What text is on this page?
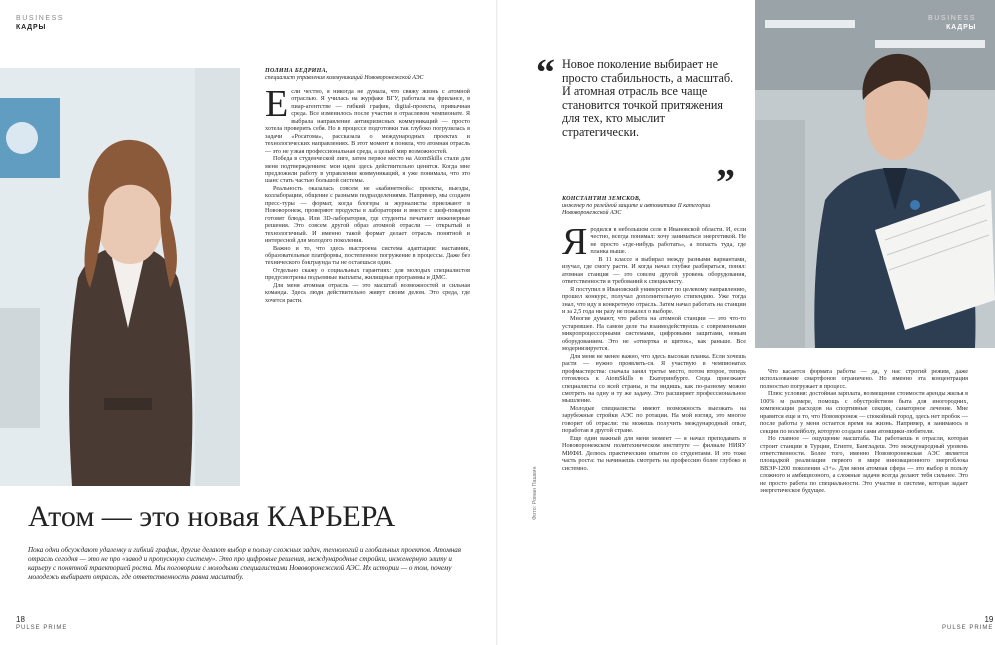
BUSINESS
КАДРЫ
ПОЛИНА БЕДРИНА,
специалист управления коммуникаций Нововоронежской АЭС

Если честно, я никогда не думала, что свяжу жизнь с атомной отраслью. Я училась на журфаке ВГУ, работала на фрилансе, в пиар-агентстве — гибкий график, digital-проекты, привычная среда. Все изменилось после участия в отраслевом чемпионате. Я выбрала направление антикризисных коммуникаций — просто хотела проверить себя. Но в процессе подготовки так глубоко погрузилась в задачи «Росатома», рассказала о международных проектах и технологических направлениях. В этот момент я поняла, что атомная отрасль — это не узкая профессиональная среда, а целый мир возможностей.

Победа в студенческой лиге, затем первое место на AtomSkills стали для меня подтверждением: мои идеи здесь действительно ценятся. Когда мне предложили работу в управлении коммуникаций, я уже понимала, что это шанс стать частью большой системы.

Реальность оказалась совсем не «кабинетной»: проекты, выезды, коллаборации, общение с разными подразделениями. Например, мы создаем пресс-туры — формат, когда блогеры и журналисты приезжают в Нововоронеж, проверяют продукты в лаборатории и вместе с шеф-поваром готовят блюда. Или 3D-лаборатория, где студенты печатают инженерные решения. Это совсем другой образ атомной отрасли — открытый и технологичный. И именно такой формат делает отрасль понятной и интересной для молодого поколения.

Важно и то, что здесь выстроена система адаптации: наставник, образовательные платформы, постепенное погружение в процессы. Даже без технического бэкграунда ты не остаешься один.

Отдельно скажу о социальных гарантиях: для молодых специалистов предусмотрены подъемные выплаты, жилищные программы и ДМС.

Для меня атомная отрасль — это масштаб возможностей и сильная команда. Здесь люди действительно живут своим делом. Это среда, где хочется расти.

Атом — это новая КАРЬЕРА
Пока одни обсуждают удаленку и гибкий график, другие делают выбор в пользу сложных задач, технологий и глобальных проектов. Атомная отрасль сегодня — это не про «завод и пропускную систему». Это про цифровые решения, международные стройки, инженерную элиту и карьеру с понятной траекторией роста. Мы поговорили с молодыми специалистами Нововоронежской АЭС. Их истории — о том, почему молодежь выбирает отрасль, где ответственность равна масштабу.
18
PULSE PRIME
“ Новое поколение выбирает не просто стабильность, а масштаб. И атомная отрасль все чаще становится точкой притяжения для тех, кто мыслит стратегически.
”
BUSINESS
КАДРЫ
КОНСТАНТИН ЗЕМСКОВ,
инженер по релейной защите и автоматике II категории Нововоронежской АЭС

Яродился в небольшом селе в Ивановской области. И, если честно, всегда понимал: хочу заниматься энергетикой. Не не просто «где-нибудь работать», а попасть туда, где планка выше.

В 11 классе я выбирал между разными вариантами, изучал, где смогу расти. И когда начал глубже разбираться, понял: атомная станция — это совсем другой уровень оборудования, ответственности и требований к специалисту.

Я поступил в Ивановский университет по целевому направлению, прошел конкурс, получал дополнительную стипендию. Уже тогда знал, что иду в конкретную отрасль. Затем начал работать на станции и за 2,5 года ни разу не пожалел о выборе.

Многие думают, что работа на атомной станции — это что-то устаревшее. На самом деле ты взаимодействуешь с современными микропроцессорными системами, цифровыми защитами, новым оборудованием. Это не «отвертка и щиток», как раньше. Все модернизируется.

Для меня не менее важно, что здесь высокая планка. Если хочешь расти — нужно проявлять-ся. Я участвую в чемпионатах профмастерства: сначала занял третье место, потом второе, теперь готовлюсь к AtomSkills в Екатеринбурге. Сюда приезжают специалисты со всей страны, и ты видишь, как по-разному можно смотреть на одну и ту же задачу. Это расширяет профессиональное мышление.

Молодые специалисты имеют возможность выезжать на зарубежные стройки АЭС по ротации. На мой взгляд, это многое говорит об отрасли: ты можешь получить международный опыт, поработав в другой стране.

Еще один важный для меня момент — я начал преподавать в Нововоронежском политехническом институте — филиале НИЯУ МИФИ. Делюсь практическим опытом со студентами. И это тоже часть роста: ты начинаешь смотреть на профессию более глубоко и системно.

Что касается формата работы — да, у нас строгий режим, даже использование смартфонов ограничено. Но именно эта концентрация полностью погружает в процесс.

Плюс условия: достойная зарплата, возмещение стоимости аренды жилья в 100% м размере, помощь с обустройством быта для иногородних, компенсация расходов на спортивные секции, санаторное лечение. Мне нравится еще и то, что Нововоронеж — спокойный город, здесь нет пробок — после работы у меня остается время на жизнь. Например, я занимаюсь в секции по волейболу, которую создали сами атомщики-любители.

Но главное — ощущение масштаба. Ты работаешь в отрасли, которая строит станции в Турции, Египте, Бангладеш. Это международный уровень ответственности. Более того, именно Нововоронежская АЭС является площадкой реализации первого в мире инновационного энергоблока ВВЭР-1200 поколения «3+». Для меня атомная сфера — это выбор в пользу сложного и амбициозного, а сложные задачи всегда делают тебя сильнее. Это не просто работа по специальности. Это участие в системе, которая задает энергетическое будущее.

Фото: Роман Пашкин
19
PULSE PRIME
